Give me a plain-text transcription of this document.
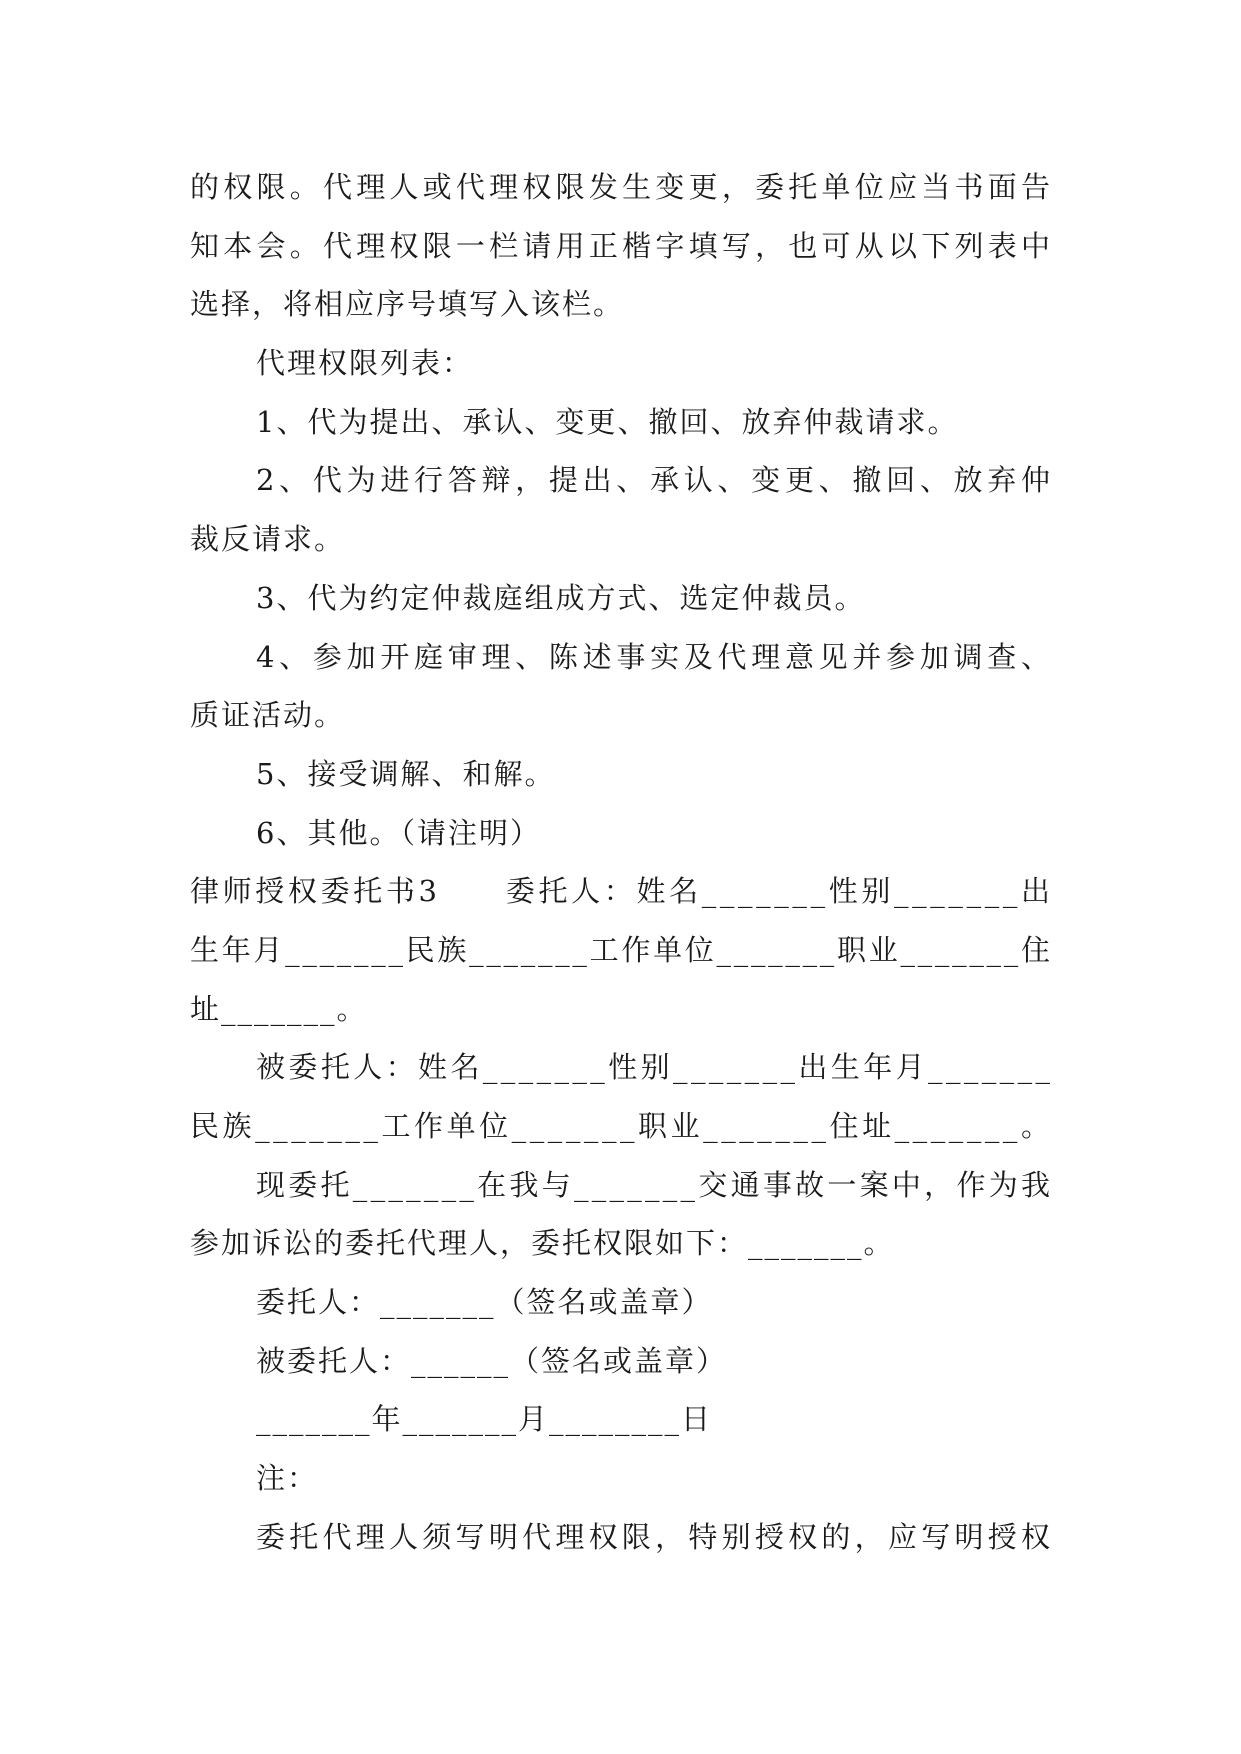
的权限。代理人或代理权限发生变更，委托单位应当书面告
知本会。代理权限一栏请用正楷字填写，也可从以下列表中
选择，将相应序号填写入该栏。
代理权限列表：
1、代为提出、承认、变更、撤回、放弃仲裁请求。
2、代为进行答辩，提出、承认、变更、撤回、放弃仲
裁反请求。
3、代为约定仲裁庭组成方式、选定仲裁员。
4、参加开庭审理、陈述事实及代理意见并参加调查、
质证活动。
5、接受调解、和解。
6、其他。（请注明）
律师授权委托书3　　委托人：姓名_______性别_______出
生年月_______民族_______工作单位_______职业_______住
址_______。
被委托人：姓名_______性别_______出生年月_______
民族_______工作单位_______职业_______住址_______。
现委托_______在我与_______交通事故一案中，作为我
参加诉讼的委托代理人，委托权限如下：_______。
委托人：_______（签名或盖章）
被委托人：______（签名或盖章）
_______年_______月________日
注：
委托代理人须写明代理权限，特别授权的，应写明授权
